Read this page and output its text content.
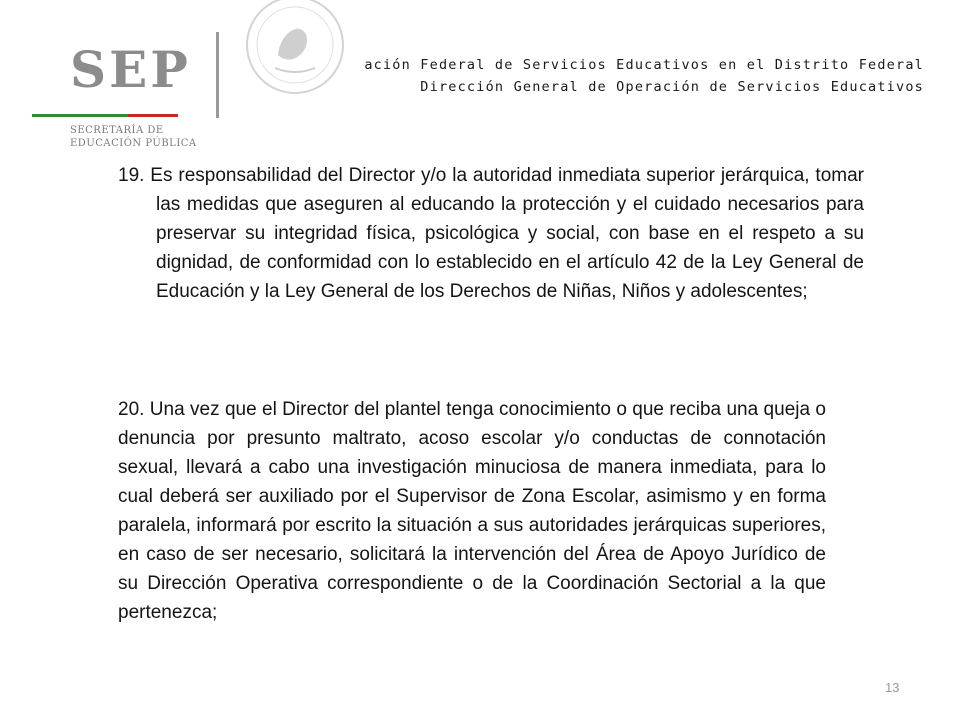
SEP
SECRETARÍA DE EDUCACIÓN PÚBLICA
ación Federal de Servicios Educativos en el Distrito Federal
Dirección General de Operación de Servicios Educativos
19. Es responsabilidad del Director y/o la autoridad inmediata superior jerárquica, tomar las medidas que aseguren al educando la protección y el cuidado necesarios para preservar su integridad física, psicológica y social, con base en el respeto a su dignidad, de conformidad con lo establecido en el artículo 42 de la Ley General de Educación y la Ley General de los Derechos de Niñas, Niños y adolescentes;
20. Una vez que el Director del plantel tenga conocimiento o que reciba una queja o denuncia por presunto maltrato, acoso escolar y/o conductas de connotación sexual, llevará a cabo una investigación minuciosa de manera inmediata, para lo cual deberá ser auxiliado por el Supervisor de Zona Escolar, asimismo y en forma paralela, informará por escrito la situación a sus autoridades jerárquicas superiores, en caso de ser necesario, solicitará la intervención del Área de Apoyo Jurídico de su Dirección Operativa correspondiente o de la Coordinación Sectorial a la que pertenezca;
13
